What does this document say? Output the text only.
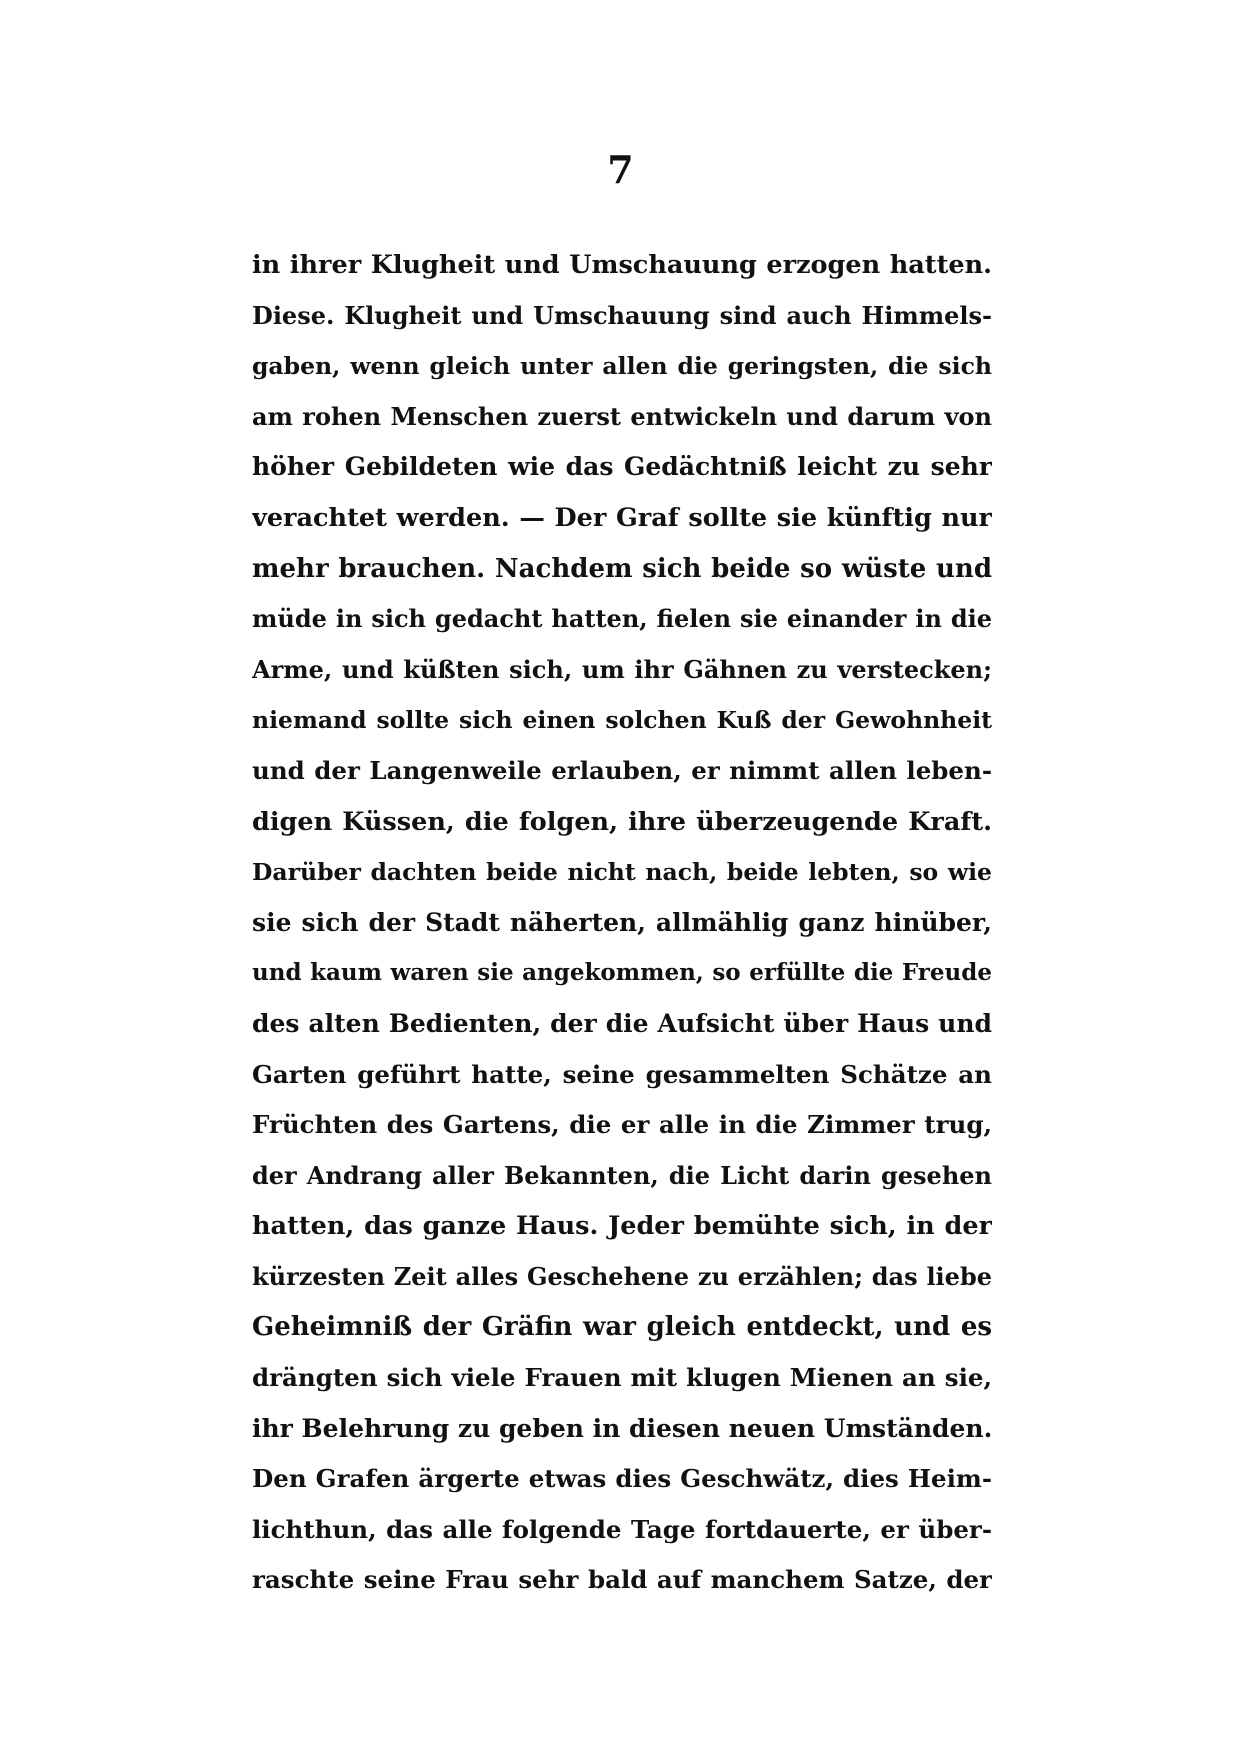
7
in ihrer Klugheit und Umschauung erzogen hatten.
Diese. Klugheit und Umschauung sind auch Himmels-
gaben, wenn gleich unter allen die geringsten, die sich
am rohen Menschen zuerst entwickeln und darum von
höher Gebildeten wie das Gedächtniß leicht zu sehr
verachtet werden. — Der Graf sollte sie künftig nur
mehr brauchen. Nachdem sich beide so wüste und
müde in sich gedacht hatten, fielen sie einander in die
Arme, und küßten sich, um ihr Gähnen zu verstecken;
niemand sollte sich einen solchen Kuß der Gewohnheit
und der Langenweile erlauben, er nimmt allen leben-
digen Küssen, die folgen, ihre überzeugende Kraft.
Darüber dachten beide nicht nach, beide lebten, so wie
sie sich der Stadt näherten, allmählig ganz hinüber,
und kaum waren sie angekommen, so erfüllte die Freude
des alten Bedienten, der die Aufsicht über Haus und
Garten geführt hatte, seine gesammelten Schätze an
Früchten des Gartens, die er alle in die Zimmer trug,
der Andrang aller Bekannten, die Licht darin gesehen
hatten, das ganze Haus. Jeder bemühte sich, in der
kürzesten Zeit alles Geschehene zu erzählen; das liebe
Geheimniß der Gräfin war gleich entdeckt, und es
drängten sich viele Frauen mit klugen Mienen an sie,
ihr Belehrung zu geben in diesen neuen Umständen.
Den Grafen ärgerte etwas dies Geschwätz, dies Heim-
lichthun, das alle folgende Tage fortdauerte, er über-
raschte seine Frau sehr bald auf manchem Satze, der
